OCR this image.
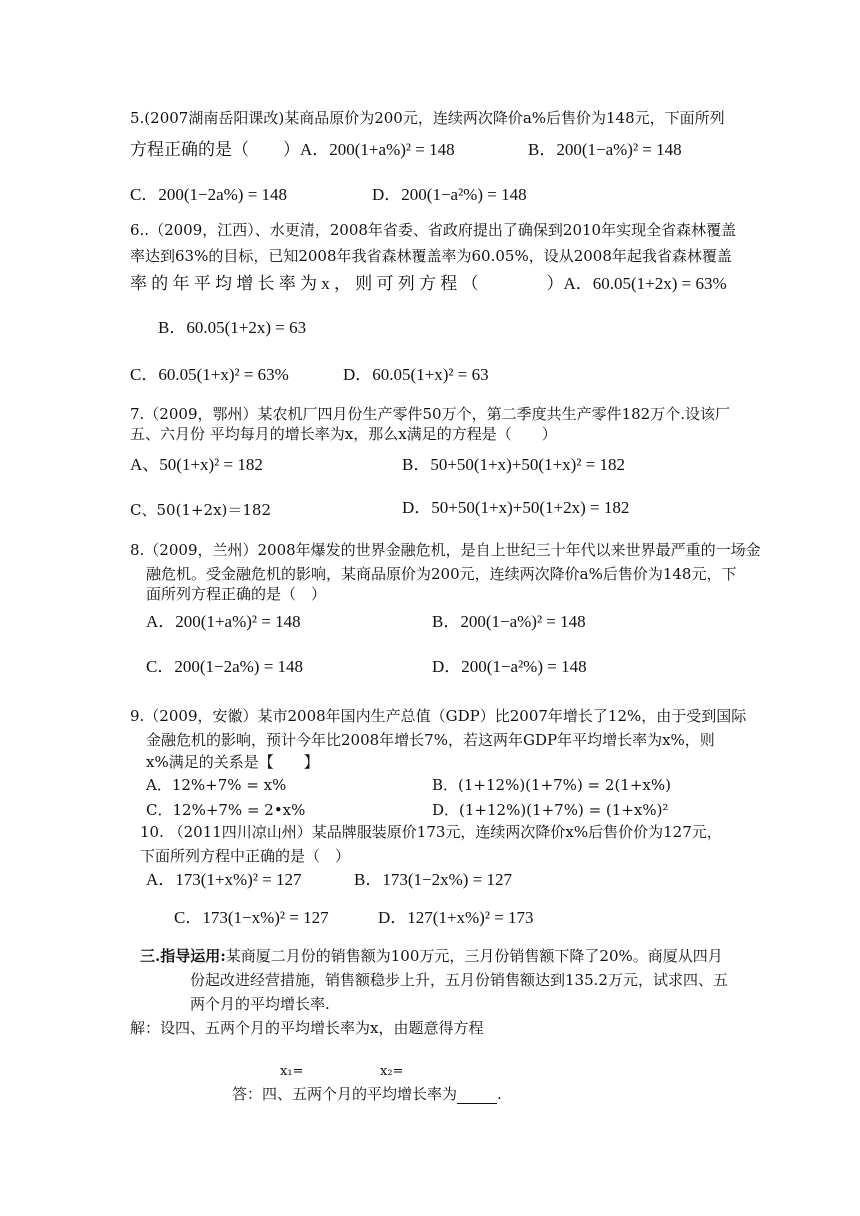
5.(2007湖南岳阳课改)某商品原价为200元，连续两次降价a%后售价为148元，下面所列
方程正确的是（　　）A．200(1+a%)² = 148	B．200(1−a%)² = 148
C．200(1−2a%) = 148	D．200(1−a²%) = 148
6..（2009，江西）、水更清，2008年省委、省政府提出了确保到2010年实现全省森林覆盖
率达到63%的目标，已知2008年我省森林覆盖率为60.05%，设从2008年起我省森林覆盖
率 的 年 平 均 增 长 率 为 x ， 则 可 列 方 程 （　　　　）A．60.05(1+2x) = 63%
B．60.05(1+2x) = 63
C．60.05(1+x)² = 63%	D．60.05(1+x)² = 63
7.（2009，鄂州）某农机厂四月份生产零件50万个，第二季度共生产零件182万个.设该厂
五、六月份 平均每月的增长率为x，那么x满足的方程是（　　）
A、50(1+x)² = 182	B．50+50(1+x)+50(1+x)² = 182
C、50(1+2x)＝182	D．50+50(1+x)+50(1+2x) = 182
8.（2009，兰州）2008年爆发的世界金融危机，是自上世纪三十年代以来世界最严重的一场金
融危机。受金融危机的影响，某商品原价为200元，连续两次降价a%后售价为148元，下
面所列方程正确的是（　）
A．200(1+a%)² = 148	B．200(1−a%)² = 148
C．200(1−2a%) = 148	D．200(1−a²%) = 148
9.（2009，安徽）某市2008年国内生产总值（GDP）比2007年增长了12%，由于受到国际
金融危机的影响，预计今年比2008年增长7%，若这两年GDP年平均增长率为x%，则
x%满足的关系是【　　】
A．12%+7% = x%	B．(1+12%)(1+7%) = 2(1+x%)
C．12%+7% = 2•x%	D．(1+12%)(1+7%) = (1+x%)²
10. （2011四川凉山州）某品牌服装原价173元，连续两次降价x%后售价价为127元，
下面所列方程中正确的是（　）
A．173(1+x%)² = 127	B．173(1−2x%) = 127
C．173(1−x%)² = 127	D．127(1+x%)² = 173
三.指导运用:某商厦二月份的销售额为100万元，三月份销售额下降了20%。商厦从四月
份起改进经营措施，销售额稳步上升，五月份销售额达到135.2万元，试求四、五
两个月的平均增长率.
解：设四、五两个月的平均增长率为x，由题意得方程
x₁=	x₂=
答：四、五两个月的平均增长率为	.
